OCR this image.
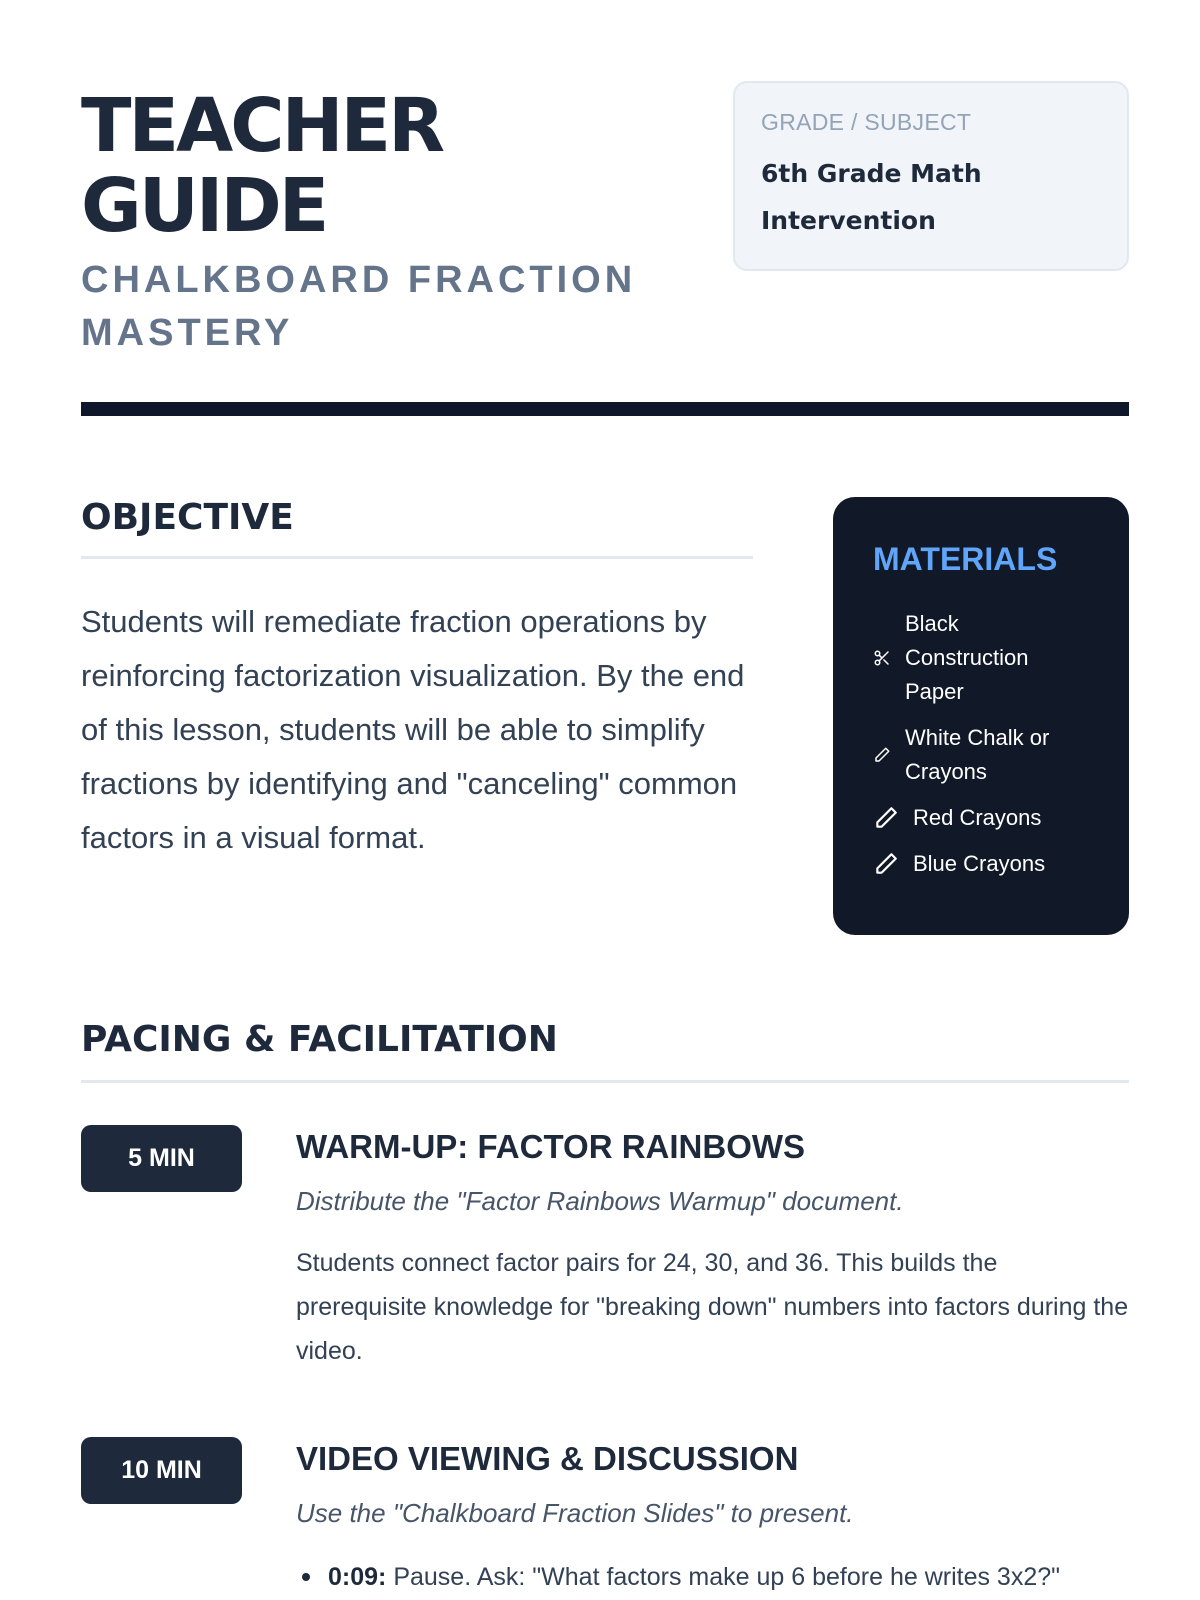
TEACHER
GUIDE
CHALKBOARD FRACTION MASTERY
GRADE / SUBJECT
6th Grade Math
Intervention
OBJECTIVE

Students will remediate fraction operations by reinforcing factorization visualization. By the end of this lesson, students will be able to simplify fractions by identifying and "canceling" common factors in a visual format.

MATERIALS
Black Construction Paper
White Chalk or Crayons
Red Crayons
Blue Crayons
PACING & FACILITATION
5 MIN	WARM-UP: FACTOR RAINBOWS
Distribute the "Factor Rainbows Warmup" document.

Students connect factor pairs for 24, 30, and 36. This builds the prerequisite knowledge for "breaking down" numbers into factors during the video.

10 MIN	VIDEO VIEWING & DISCUSSION
Use the "Chalkboard Fraction Slides" to present.
0:09: Pause. Ask: "What factors make up 6 before he writes 3x2?"
